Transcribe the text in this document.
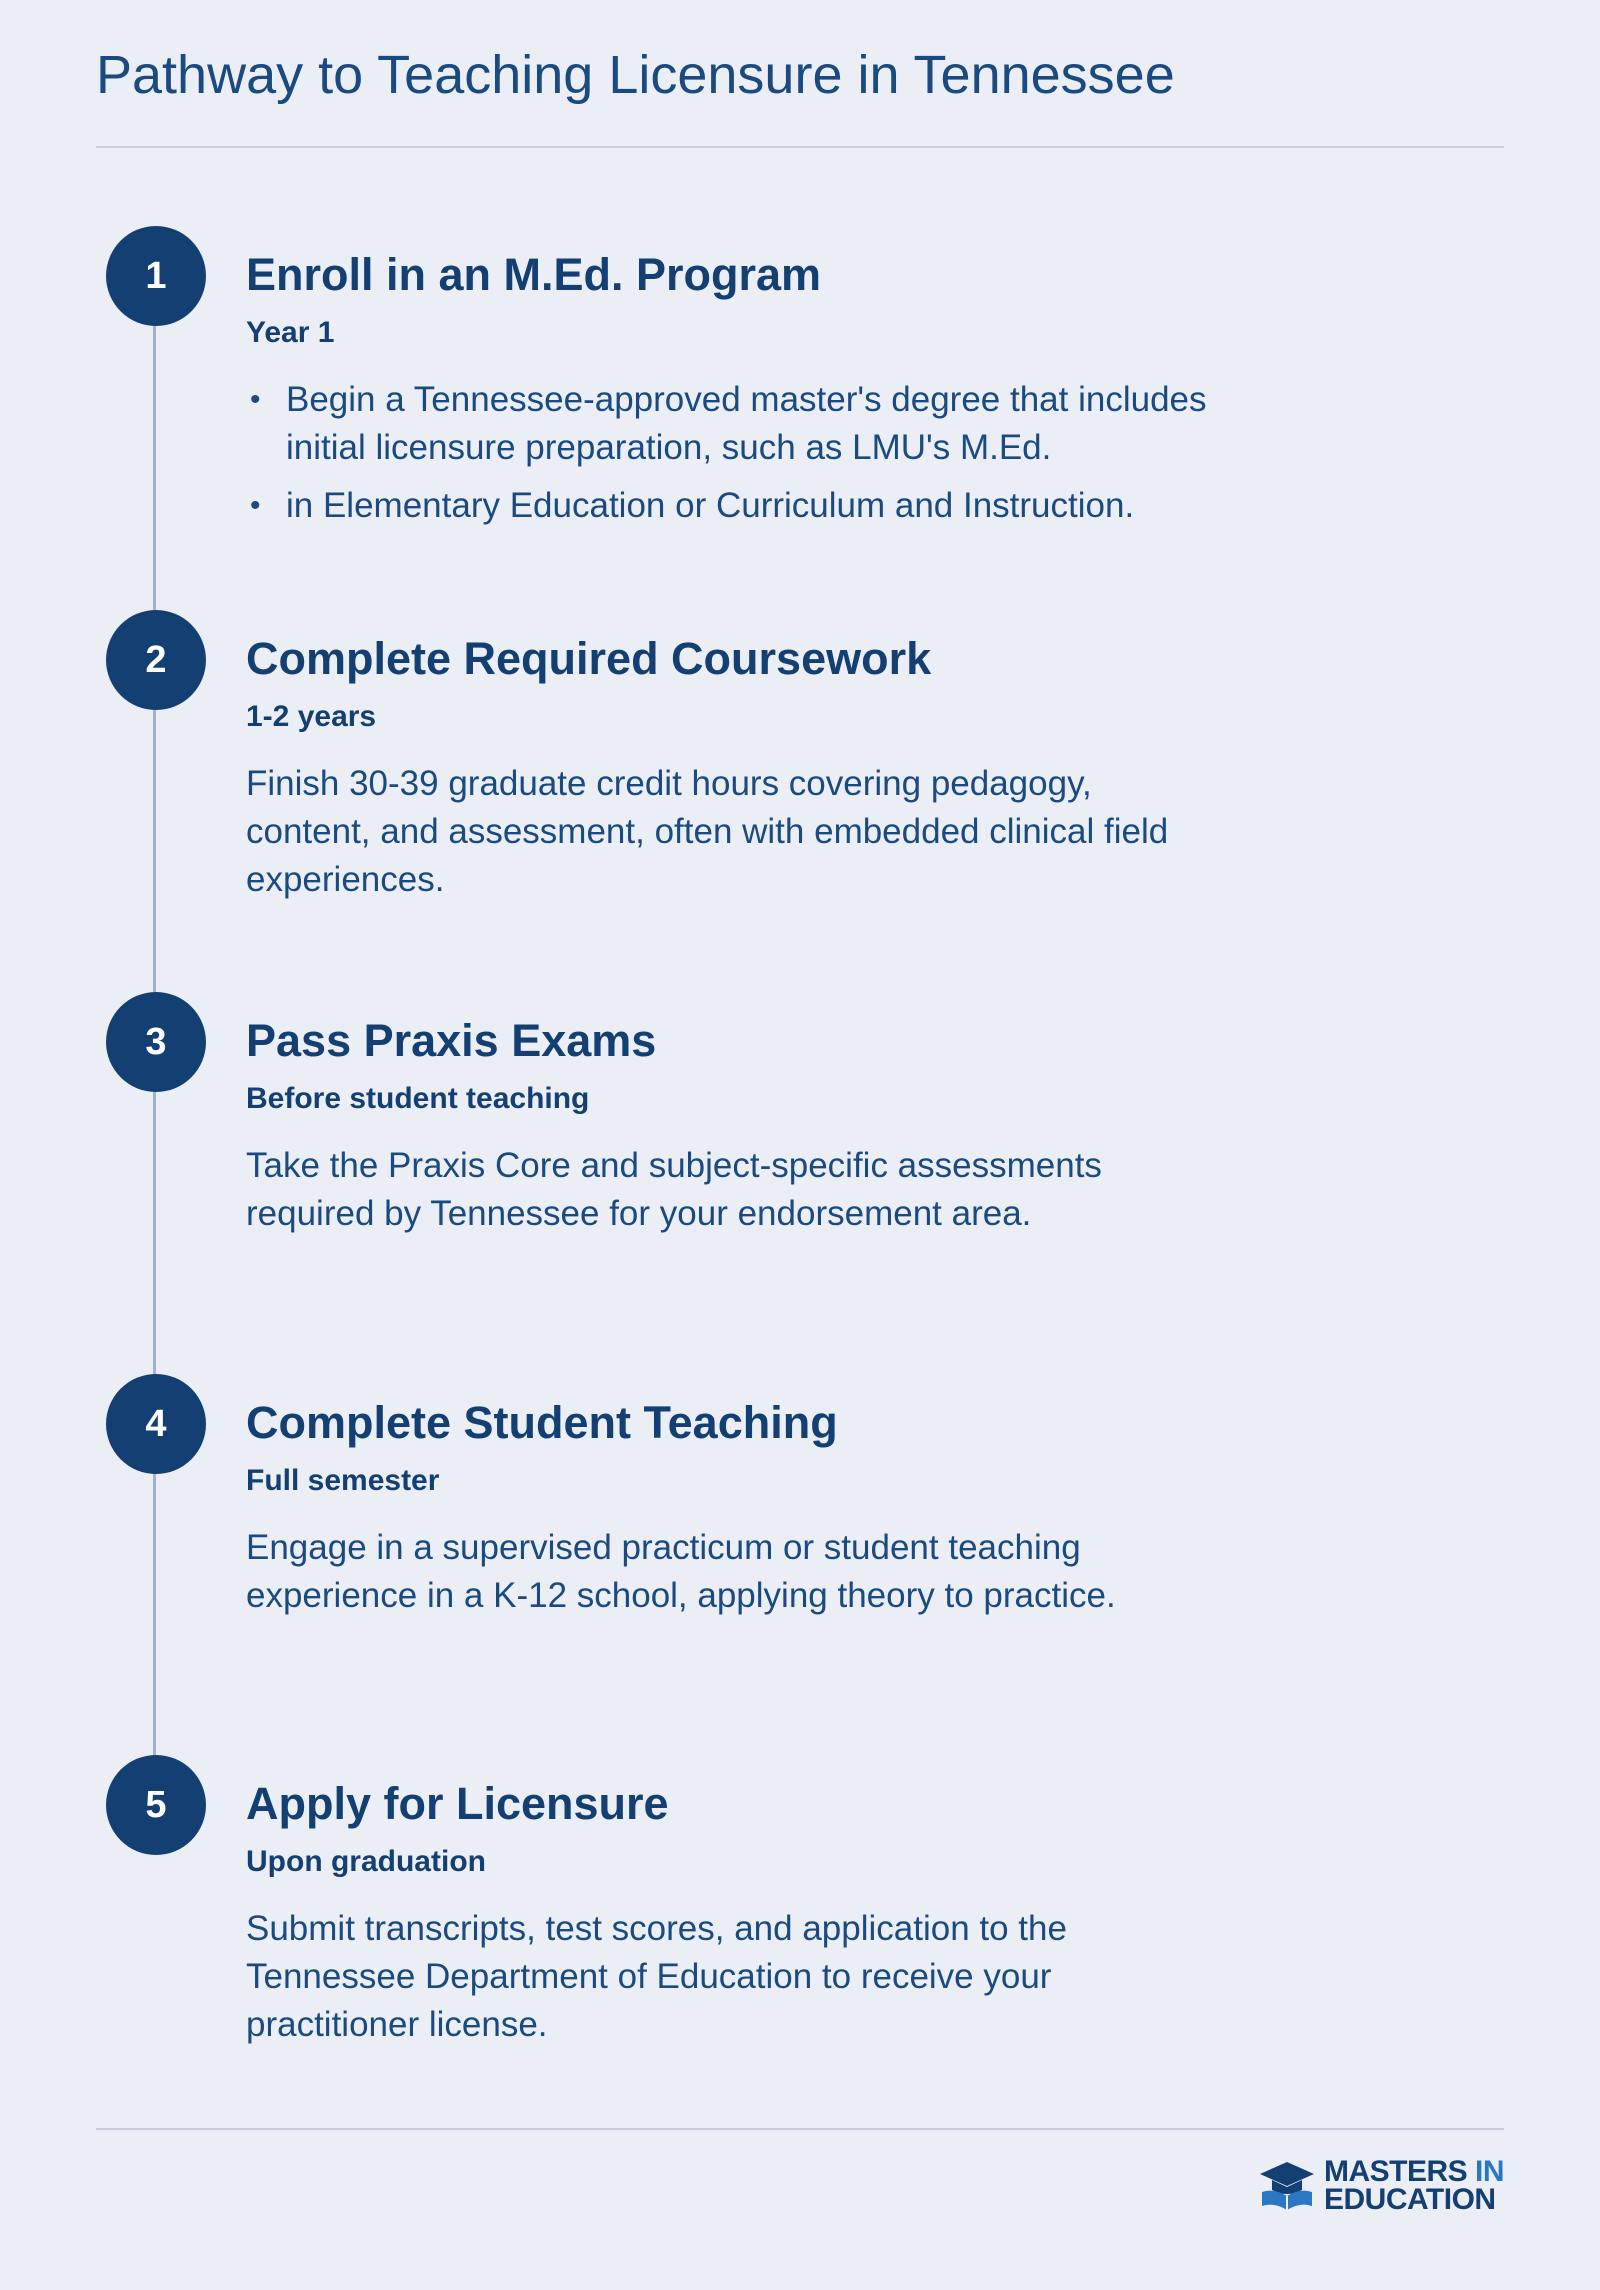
Pathway to Teaching Licensure in Tennessee
1	Enroll in an M.Ed. Program
Year 1
• Begin a Tennessee-approved master's degree that includes initial licensure preparation, such as LMU's M.Ed.
• in Elementary Education or Curriculum and Instruction.
2	Complete Required Coursework
1-2 years
Finish 30-39 graduate credit hours covering pedagogy, content, and assessment, often with embedded clinical field experiences.
3	Pass Praxis Exams
Before student teaching
Take the Praxis Core and subject-specific assessments required by Tennessee for your endorsement area.
4	Complete Student Teaching
Full semester
Engage in a supervised practicum or student teaching experience in a K-12 school, applying theory to practice.
5	Apply for Licensure
Upon graduation
Submit transcripts, test scores, and application to the Tennessee Department of Education to receive your practitioner license.
MASTERS IN
EDUCATION
